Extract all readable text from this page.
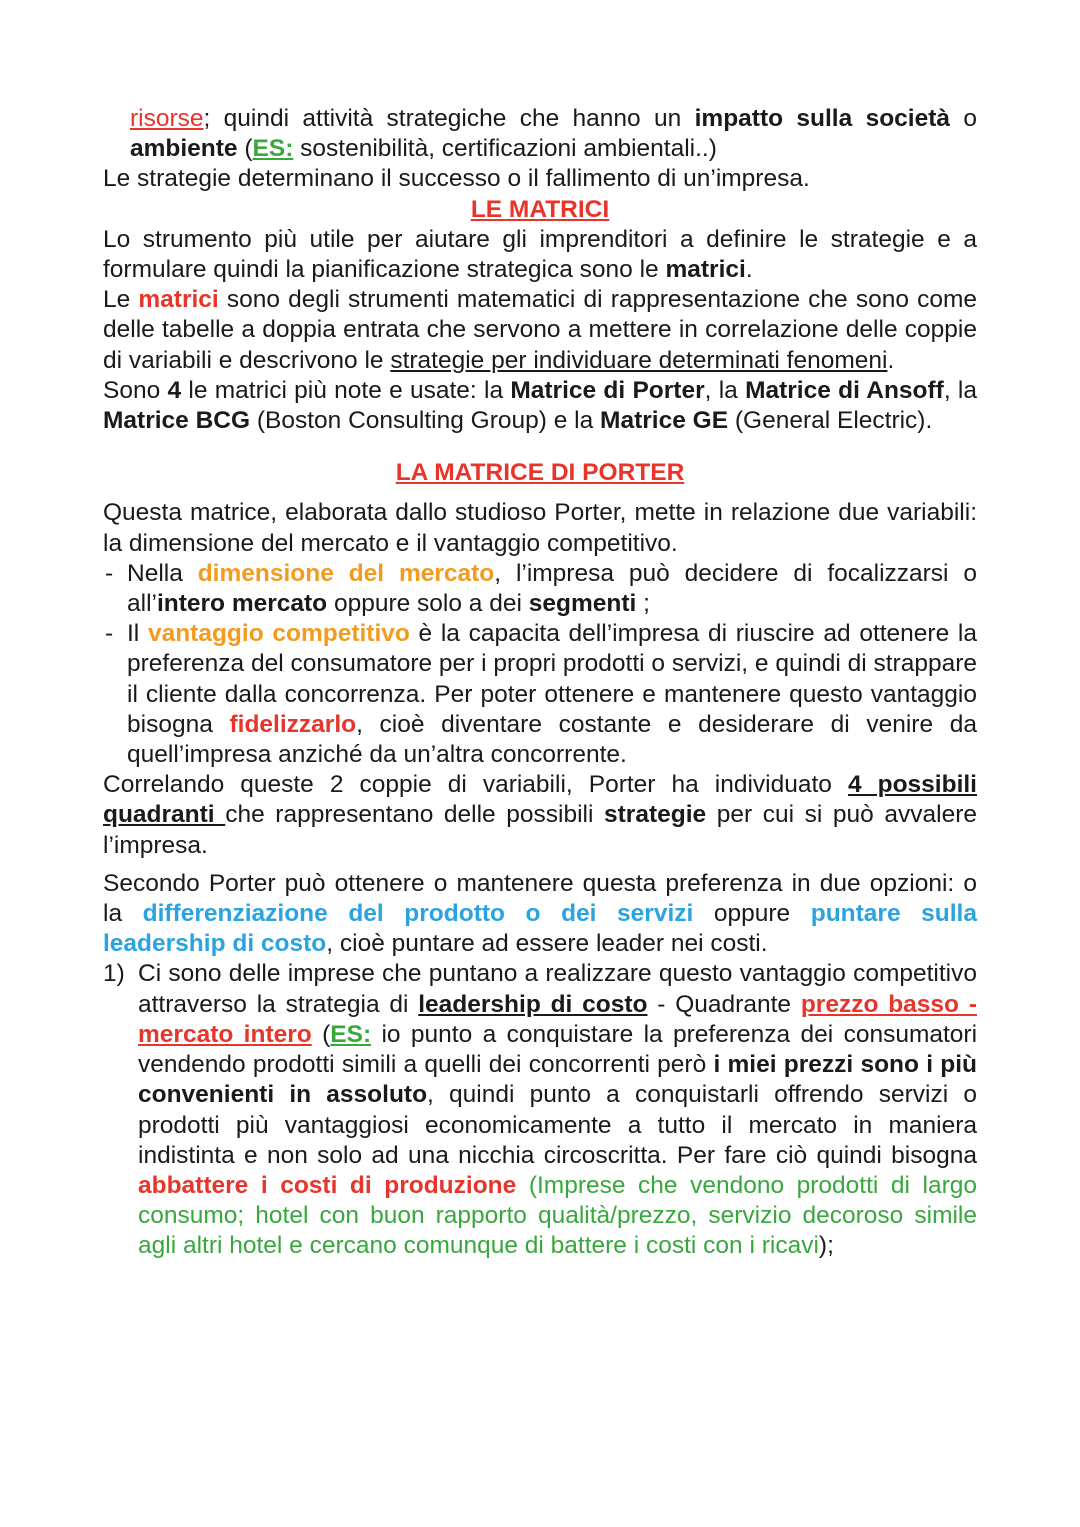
risorse; quindi attività strategiche che hanno un impatto sulla società o ambiente (ES: sostenibilità, certificazioni ambientali..)

Le strategie determinano il successo o il fallimento di un’impresa.

LE MATRICI

Lo strumento più utile per aiutare gli imprenditori a definire le strategie e a formulare quindi la pianificazione strategica sono le matrici.

Le matrici sono degli strumenti matematici di rappresentazione che sono come delle tabelle a doppia entrata che servono a mettere in correlazione delle coppie di variabili e descrivono le strategie per individuare determinati fenomeni.

Sono 4 le matrici più note e usate: la Matrice di Porter, la Matrice di Ansoff, la Matrice BCG (Boston Consulting Group) e la Matrice GE (General Electric).

LA MATRICE DI PORTER

Questa matrice, elaborata dallo studioso Porter, mette in relazione due variabili: la dimensione del mercato e il vantaggio competitivo.

- Nella dimensione del mercato, l’impresa può decidere di focalizzarsi o all’intero mercato oppure solo a dei segmenti ;
- Il vantaggio competitivo è la capacita dell’impresa di riuscire ad ottenere la preferenza del consumatore per i propri prodotti o servizi, e quindi di strappare il cliente dalla concorrenza. Per poter ottenere e mantenere questo vantaggio bisogna fidelizzarlo, cioè diventare costante e desiderare di venire da quell’impresa anziché da un’altra concorrente.

Correlando queste 2 coppie di variabili, Porter ha individuato 4 possibili quadranti che rappresentano delle possibili strategie per cui si può avvalere l’impresa.

Secondo Porter può ottenere o mantenere questa preferenza in due opzioni: o la differenziazione del prodotto o dei servizi oppure puntare sulla leadership di costo, cioè puntare ad essere leader nei costi.

1) Ci sono delle imprese che puntano a realizzare questo vantaggio competitivo attraverso la strategia di leadership di costo - Quadrante prezzo basso - mercato intero (ES: io punto a conquistare la preferenza dei consumatori vendendo prodotti simili a quelli dei concorrenti però i miei prezzi sono i più convenienti in assoluto, quindi punto a conquistarli offrendo servizi o prodotti più vantaggiosi economicamente a tutto il mercato in maniera indistinta e non solo ad una nicchia circoscritta. Per fare ciò quindi bisogna abbattere i costi di produzione (Imprese che vendono prodotti di largo consumo; hotel con buon rapporto qualità/prezzo, servizio decoroso simile agli altri hotel e cercano comunque di battere i costi con i ricavi);
